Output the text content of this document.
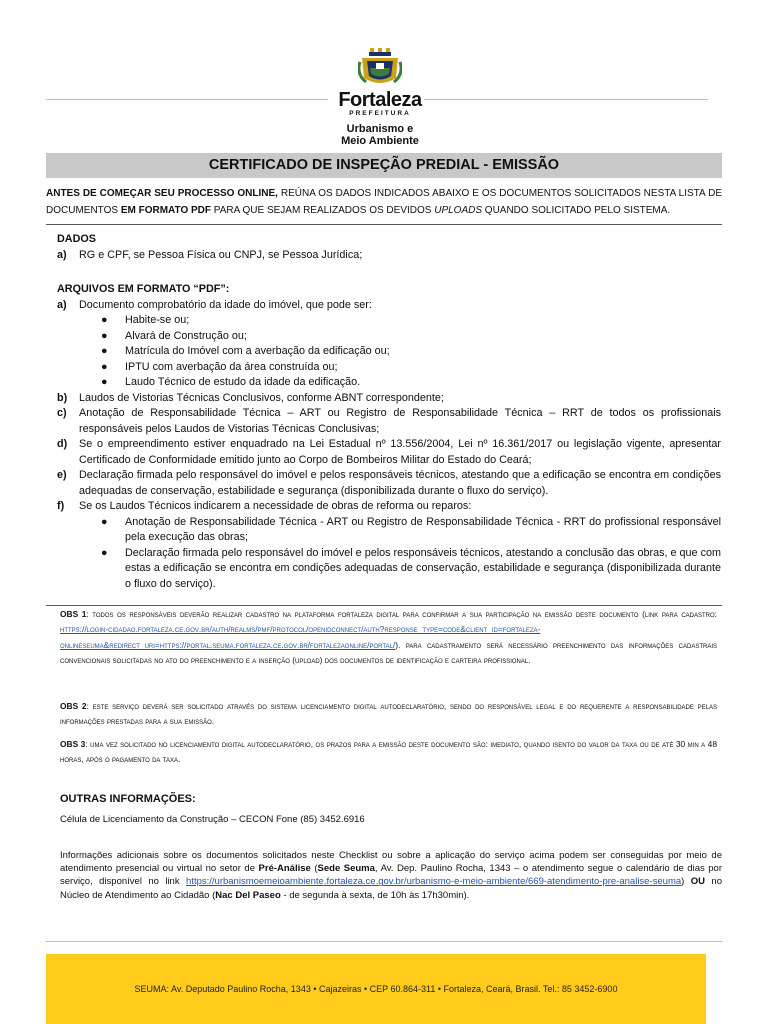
Fortaleza
PREFEITURA
Urbanismo e
Meio Ambiente
CERTIFICADO DE INSPEÇÃO PREDIAL - EMISSÃO
ANTES DE COMEÇAR SEU PROCESSO ONLINE, REÚNA OS DADOS INDICADOS ABAIXO E OS DOCUMENTOS SOLICITADOS NESTA LISTA DE DOCUMENTOS EM FORMATO PDF PARA QUE SEJAM REALIZADOS OS DEVIDOS UPLOADS QUANDO SOLICITADO PELO SISTEMA.
DADOS
a)	RG e CPF, se Pessoa Física ou CNPJ, se Pessoa Jurídica;
ARQUIVOS EM FORMATO “PDF”:
a)	Documento comprobatório da idade do imóvel, que pode ser:
●	Habite-se ou;
●	Alvará de Construção ou;
●	Matrícula do Imóvel com a averbação da edificação ou;
●	IPTU com averbação da área construída ou;
●	Laudo Técnico de estudo da idade da edificação.
b)	Laudos de Vistorias Técnicas Conclusivos, conforme ABNT correspondente;
c)	Anotação de Responsabilidade Técnica – ART ou Registro de Responsabilidade Técnica – RRT de todos os profissionais responsáveis pelos Laudos de Vistorias Técnicas Conclusivas;
d)	Se o empreendimento estiver enquadrado na Lei Estadual nº 13.556/2004, Lei nº 16.361/2017 ou legislação vigente, apresentar Certificado de Conformidade emitido junto ao Corpo de Bombeiros Militar do Estado do Ceará;
e)	Declaração firmada pelo responsável do imóvel e pelos responsáveis técnicos, atestando que a edificação se encontra em condições adequadas de conservação, estabilidade e segurança (disponibilizada durante o fluxo do serviço).
f)	Se os Laudos Técnicos indicarem a necessidade de obras de reforma ou reparos:
●	Anotação de Responsabilidade Técnica - ART ou Registro de Responsabilidade Técnica - RRT do profissional responsável pela execução das obras;
●	Declaração firmada pelo responsável do imóvel e pelos responsáveis técnicos, atestando a conclusão das obras, e que com estas a edificação se encontra em condições adequadas de conservação, estabilidade e segurança (disponibilizada durante o fluxo do serviço).
OBS 1: todos os responsáveis deverão realizar cadastro na plataforma fortaleza digital para confirmar a sua participação na emissão deste documento (link para cadastro: https://login-cidadao.fortaleza.ce.gov.br/auth/realms/pmf/protocol/openidconnect/auth?response_type=code&client_id=fortaleza-onlineseuma&redirect_uri=https://portal.seuma.fortaleza.ce.gov.br/fortalezaonline/portal/). para cadastramento será necessário preenchimento das informações cadastrais convencionais solicitadas no ato do preenchimento e a inserção (upload) dos documentos de identificação e carteira profissional.
OBS 2: este serviço deverá ser solicitado através do sistema licenciamento digital autodeclaratório, sendo do responsável legal e do requerente a responsabilidade pelas informações prestadas para a sua emissão.
OBS 3: uma vez solicitado no licenciamento digital autodeclaratório, os prazos para a emissão deste documento são: imediato, quando isento do valor da taxa ou de até 30 min a 48 horas, após o pagamento da taxa.
OUTRAS INFORMAÇÕES:
Célula de Licenciamento da Construção – CECON Fone (85) 3452.6916
Informações adicionais sobre os documentos solicitados neste Checklist ou sobre a aplicação do serviço acima podem ser conseguidas por meio de atendimento presencial ou virtual no setor de Pré-Análise (Sede Seuma, Av. Dep. Paulino Rocha, 1343 – o atendimento segue o calendário de dias por serviço, disponível no link https://urbanismoemeioambiente.fortaleza.ce.gov.br/urbanismo-e-meio-ambiente/669-atendimento-pre-analise-seuma) OU no Núcleo de Atendimento ao Cidadão (Nac Del Paseo - de segunda à sexta, de 10h às 17h30min).
SEUMA: Av. Deputado Paulino Rocha, 1343 • Cajazeiras • CEP 60.864-311 • Fortaleza, Ceará, Brasil. Tel.: 85 3452-6900
